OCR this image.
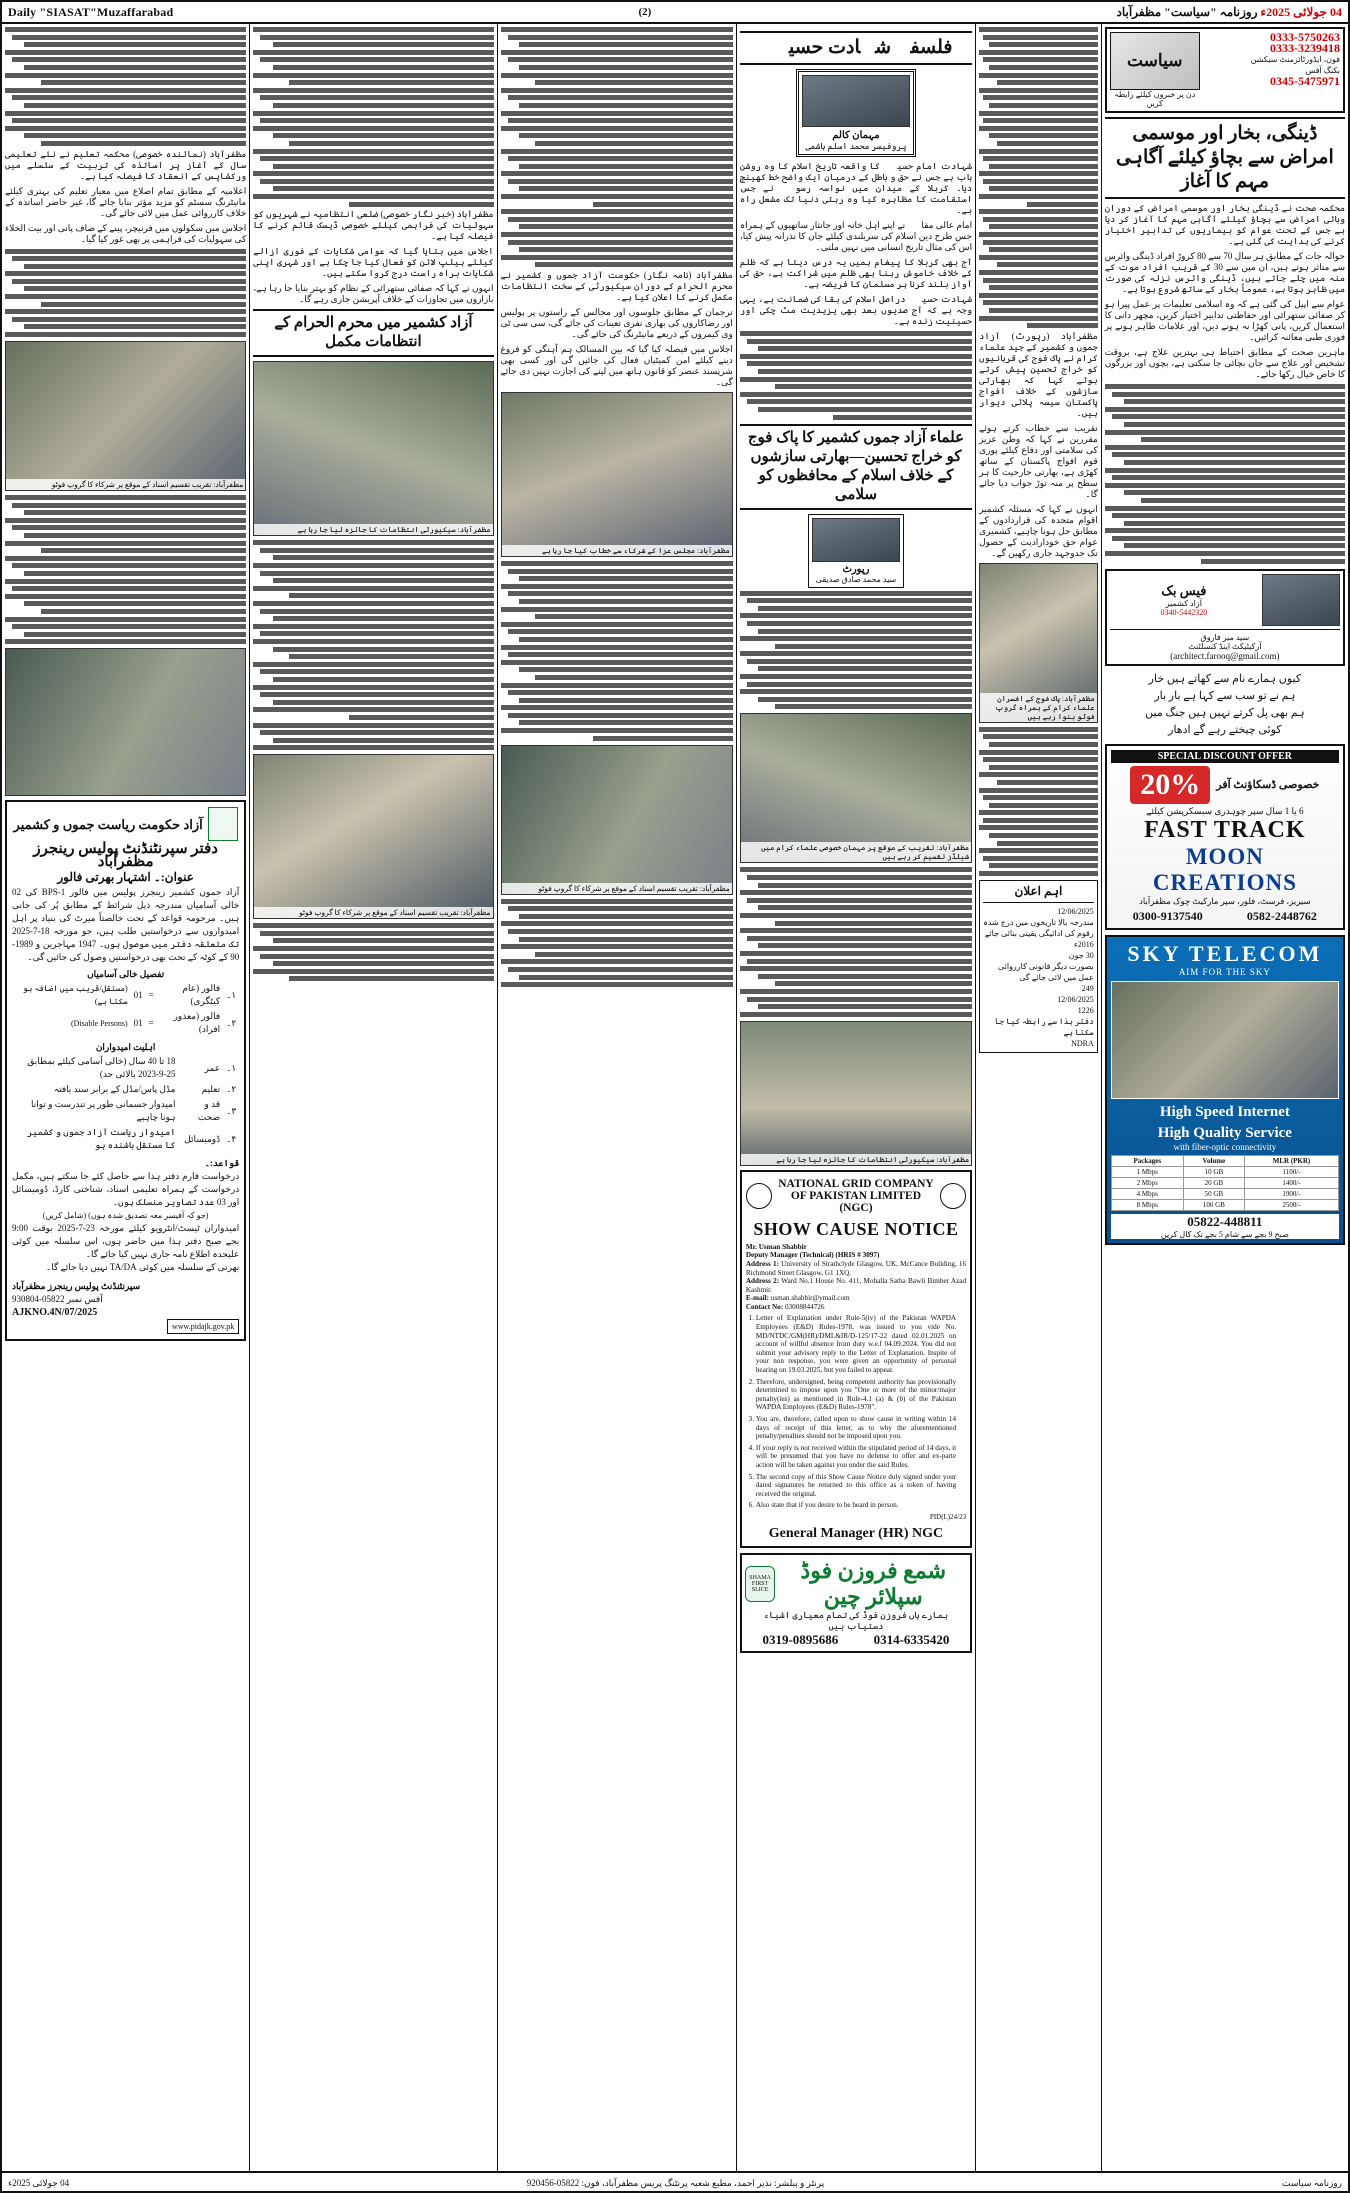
Daily "SIASAT"Muzaffarabad	(2)	04 جولائی 2025ء روزنامہ "سیاست" مظفرآباد
0333-5750263
0333-3239418
فون، ایڈورٹائزمنٹ سیکشن
بکنگ آفس
0345-5475971
سیاست
دن پر خبروں کیلئے رابطہ کریں
ڈینگی، بخار اور موسمی امراض سے بچاؤ کیلئے آگاہی مہم کا آغاز

محکمہ صحت نے ڈینگی بخار اور موسمی امراض کے دوران وبائی امراض سے بچاؤ کیلئے آگاہی مہم کا آغاز کر دیا ہے جس کے تحت عوام کو بیماریوں کی تدابیر اختیار کرنے کی ہدایت کی گئی ہے۔

حوالہ جات کے مطابق ہر سال 70 سے 80 کروڑ افراد ڈینگی وائرس سے متاثر ہوتے ہیں، ان میں سے 30 کے قریب افراد موت کے منہ میں چلے جاتے ہیں، ڈینگی وائرس نزلہ کی صورت میں ظاہر ہوتا ہے، عموماً بخار کے ساتھ شروع ہوتا ہے۔

عوام سے اپیل کی گئی ہے کہ وہ اسلامی تعلیمات پر عمل پیرا ہو کر صفائی ستھرائی اور حفاظتی تدابیر اختیار کریں، مچھر دانی کا استعمال کریں، پانی کھڑا نہ ہونے دیں، اور علامات ظاہر ہونے پر فوری طبی معائنہ کرائیں۔

ماہرین صحت کے مطابق احتیاط ہی بہترین علاج ہے، بروقت تشخیص اور علاج سے جان بچائی جا سکتی ہے، بچوں اور بزرگوں کا خاص خیال رکھا جائے۔

فیس بک
آزاد کشمیر
0340-5442320
سید میر فاروق
آرکیٹیکٹ اینڈ کنسلٹنٹ
(architect.farooq@gmail.com)
کیوں ہمارے نام سے کھاتے ہیں خار
ہم نے تو سب سے کہا ہے بار بار
ہم بھی پل کرتے نہیں ہیں جنگ میں
کوئی چیختے رہے گے ادھار
SPECIAL DISCOUNT OFFER
20%	خصوصی ڈسکاؤنٹ آفر
6 یا 1 سال سپر چوہدری سبسکرپشن کیلئے
FAST TRACK
MOON CREATIONS
سیریز، فرسٹ، فلور، سپر مارکیٹ چوک مظفرآباد
0300-9137540	0582-2448762
SKY TELECOM
AIM FOR THE SKY
High Speed Internet
High Quality Service
with fiber-optic connectivity
Packages	Volume	MLR (PKR)
1 Mbps	10 GB	1100/-
2 Mbps	20 GB	1400/-
4 Mbps	50 GB	1900/-
8 Mbps	100 GB	2500/-
05822-448811
صبح 9 بجے سے شام 5 بجے تک کال کریں

مظفرآباد (رپورٹ) آزاد جموں و کشمیر کے جید علماء کرام نے پاک فوج کی قربانیوں کو خراج تحسین پیش کرتے ہوئے کہا کہ بھارتی سازشوں کے خلاف افواج پاکستان سیسہ پلائی دیوار ہیں۔

تقریب سے خطاب کرتے ہوئے مقررین نے کہا کہ وطن عزیز کی سلامتی اور دفاع کیلئے پوری قوم افواج پاکستان کے ساتھ کھڑی ہے، بھارتی جارحیت کا ہر سطح پر منہ توڑ جواب دیا جائے گا۔

انہوں نے کہا کہ مسئلہ کشمیر اقوام متحدہ کی قراردادوں کے مطابق حل ہونا چاہیے، کشمیری عوام حق خودارادیت کے حصول تک جدوجہد جاری رکھیں گے۔

مظفرآباد: پاک فوج کے افسران علماء کرام کے ہمراہ گروپ فوٹو بنوا رہے ہیں
اہم اعلان
12/06/2025
مندرجہ بالا تاریخوں میں درج شدہ رقوم کی ادائیگی یقینی بنائی جائے
2016ء
30 جون
بصورت دیگر قانونی کارروائی عمل میں لائی جائے گی
249
12/06/2025
1226
دفتر ہذا سے رابطہ کیا جا سکتا ہے
NDRA
فلسفہ شہادت حسینؓ
مہمان کالم
پروفیسر محمد اسلم ہاشمی

شہادت امام حسینؓ کا واقعہ تاریخ اسلام کا وہ روشن باب ہے جس نے حق و باطل کے درمیان ایک واضح خط کھینچ دیا۔ کربلا کے میدان میں نواسہ رسولؐ نے جس استقامت کا مظاہرہ کیا وہ رہتی دنیا تک مشعل راہ ہے۔

امام عالی مقامؓ نے اپنے اہل خانہ اور جانثار ساتھیوں کے ہمراہ جس طرح دین اسلام کی سربلندی کیلئے جان کا نذرانہ پیش کیا، اس کی مثال تاریخ انسانی میں نہیں ملتی۔

آج بھی کربلا کا پیغام ہمیں یہ درس دیتا ہے کہ ظلم کے خلاف خاموش رہنا بھی ظلم میں شراکت ہے، حق کی آواز بلند کرنا ہر مسلمان کا فریضہ ہے۔

شہادت حسینؓ دراصل اسلام کی بقا کی ضمانت ہے، یہی وجہ ہے کہ آج صدیوں بعد بھی یزیدیت مٹ چکی اور حسینیت زندہ ہے۔

علماء آزاد جموں کشمیر کا پاک فوج کو خراج تحسین—بھارتی سازشوں کے خلاف اسلام کے محافظوں کو سلامی
رپورٹ
سید محمد صادق صدیقی
مظفرآباد: تقریب کے موقع پر مہمان خصوصی علماء کرام میں شیلڈز تقسیم کر رہے ہیں
مظفرآباد: سیکیورٹی انتظامات کا جائزہ لیا جا رہا ہے
NATIONAL GRID COMPANY OF PAKISTAN LIMITED (NGC)
SHOW CAUSE NOTICE
Mr. Usman Shabbir
Deputy Manager (Technical) (HRIS # 3097)
Address 1: University of Strathclyde Glasgow, UK, McCance Building, 16 Richmond Street Glasgow, G1 1XQ.
Address 2: Ward No.1 House No. 411, Mohalla Satha Bawli Bimber Azad Kashmir.
E-mail: usman.shabbir@ymail.com
Contact No: 03008844726
1. Letter of Explanation under Rule-5(iv) of the Pakistan WAPDA Employees (E&D) Rules-1978, was issued to you vide No. MD/NTDC/GM(HR)/DML&IR/D-125/17-22 dated 02.01.2025 on account of willful absence from duty w.e.f 04.09.2024. You did not submit your advisory reply to the Letter of Explanation. Inspite of your non response, you were given an opportunity of personal hearing on 19.03.2025, but you failed to appear.
2. Therefore, undersigned, being competent authority has provisionally determined to impose upon you "One or more of the minor/major penalty(ies) as mentioned in Rule-4.1 (a) & (b) of the Pakistan WAPDA Employees (E&D) Rules-1978".
3. You are, therefore, called upon to show cause in writing within 14 days of receipt of this letter, as to why the aforementioned penalty/penalties should not be imposed upon you.
4. If your reply is not received within the stipulated period of 14 days, it will be presumed that you have no defense to offer and ex-parte action will be taken against you under the said Rules.
5. The second copy of this Show Cause Notice duly signed under your dated signatures be returned to this office as a token of having received the original.
6. Also state that if you desire to be heard in person.
PID(L)24/23
General Manager (HR) NGC
SHAMA FIRST SLICE
شمع فروزن فوڈ سپلائر چین
ہمارے ہاں فروزن فوڈ کی تمام معیاری اشیاء دستیاب ہیں
0319-0895686	0314-6335420

مظفرآباد (نامہ نگار) حکومت آزاد جموں و کشمیر نے محرم الحرام کے دوران سیکیورٹی کے سخت انتظامات مکمل کرنے کا اعلان کیا ہے۔

ترجمان کے مطابق جلوسوں اور مجالس کے راستوں پر پولیس اور رضاکاروں کی بھاری نفری تعینات کی جائے گی، سی سی ٹی وی کیمروں کے ذریعے مانیٹرنگ کی جائے گی۔

اجلاس میں فیصلہ کیا گیا کہ بین المسالک ہم آہنگی کو فروغ دینے کیلئے امن کمیٹیاں فعال کی جائیں گی اور کسی بھی شرپسند عنصر کو قانون ہاتھ میں لینے کی اجازت نہیں دی جائے گی۔

مظفرآباد: مجلس عزا کے شرکاء سے خطاب کیا جا رہا ہے
مظفرآباد: تقریب تقسیم اسناد کے موقع پر شرکاء کا گروپ فوٹو

مظفرآباد (خبر نگار خصوصی) ضلعی انتظامیہ نے شہریوں کو سہولیات کی فراہمی کیلئے خصوصی ڈیسک قائم کرنے کا فیصلہ کیا ہے۔

اجلاس میں بتایا گیا کہ عوامی شکایات کے فوری ازالے کیلئے ہیلپ لائن کو فعال کیا جا چکا ہے اور شہری اپنی شکایات براہ راست درج کروا سکتے ہیں۔

انہوں نے کہا کہ صفائی ستھرائی کے نظام کو بہتر بنایا جا رہا ہے، بازاروں میں تجاوزات کے خلاف آپریشن جاری رہے گا۔

آزاد کشمیر میں محرم الحرام کے انتظامات مکمل
مظفرآباد: سیکیورٹی انتظامات کا جائزہ لیا جا رہا ہے
مظفرآباد: تقریب تقسیم اسناد کے موقع پر شرکاء کا گروپ فوٹو

مظفرآباد (نمائندہ خصوصی) محکمہ تعلیم نے نئے تعلیمی سال کے آغاز پر اساتذہ کی تربیت کے سلسلے میں ورکشاپس کے انعقاد کا فیصلہ کیا ہے۔

اعلامیہ کے مطابق تمام اضلاع میں معیار تعلیم کی بہتری کیلئے مانیٹرنگ سسٹم کو مزید مؤثر بنایا جائے گا، غیر حاضر اساتذہ کے خلاف کارروائی عمل میں لائی جائے گی۔

اجلاس میں سکولوں میں فرنیچر، پینے کے صاف پانی اور بیت الخلاء کی سہولیات کی فراہمی پر بھی غور کیا گیا۔

مظفرآباد: تقریب تقسیم اسناد کے موقع پر شرکاء کا گروپ فوٹو
آزاد حکومت ریاست جموں و کشمیر
دفتر سپرنٹنڈنٹ پولیس رینجرز مظفرآباد
عنوان:۔ اشتہار بھرتی فالور
آزاد جموں کشمیر رینجرز پولیس میں فالور BPS-1 کی 02 خالی آسامیاں مندرجہ ذیل شرائط کے مطابق پُر کی جانی ہیں۔ مرحومہ قواعد کے تحت خالصتاً میرٹ کی بنیاد پر اہل امیدواروں سے درخواستیں طلب ہیں، جو مورخہ 18-7-2025 تک متعلقہ دفتر میں موصول ہوں۔ 1947 مہاجرین و 1989-90 کے کوٹہ کے تحت بھی درخواستیں وصول کی جائیں گی۔
تفصیل خالی آسامیاں
۱۔	فالور (عام کیٹگری)	=	01	(مستقل/قریب میں اضافہ ہو سکتا ہے)
۲۔	فالور (معذور افراد)	=	01	(Disable Persons)
اہلیت امیدواران
۱۔	عمر	18 تا 40 سال (خالی آسامی کیلئے بمطابق 25-9-2023 بالائی حد)
۲۔	تعلیم	مڈل پاس/مڈل کے برابر سند یافتہ
۳۔	قد و صحت	امیدوار جسمانی طور پر تندرست و توانا ہونا چاہیے
۴۔	ڈومیسائل	امیدوار ریاست آزاد جموں و کشمیر کا مستقل باشندہ ہو
قواعد:۔
درخواست فارم دفتر ہذا سے حاصل کئے جا سکتے ہیں، مکمل درخواست کے ہمراہ تعلیمی اسناد، شناختی کارڈ، ڈومیسائل اور 03 عدد تصاویر منسلک ہوں۔
(جو کہ آفیسر معہ تصدیق شدہ ہوں) (شامل کریں)
امیدواران ٹیسٹ/انٹرویو کیلئے مورخہ 23-7-2025 بوقت 9:00 بجے صبح دفتر ہذا میں حاضر ہوں، اس سلسلہ میں کوئی علیحدہ اطلاع نامہ جاری نہیں کیا جائے گا۔
بھرتی کے سلسلہ میں کوئی TA/DA نہیں دیا جائے گا۔
سپرنٹنڈنٹ پولیس رینجرز مظفرآباد
آفس نمبر 05822-930804
AJKNO.4N/07/2025
www.pidajk.gov.pk
روزنامہ سیاست
پرنٹر و پبلشر: نذیر احمد، مطبع شعبہ پرنٹنگ پریس مظفرآباد، فون: 05822-920456
04 جولائی 2025ء
